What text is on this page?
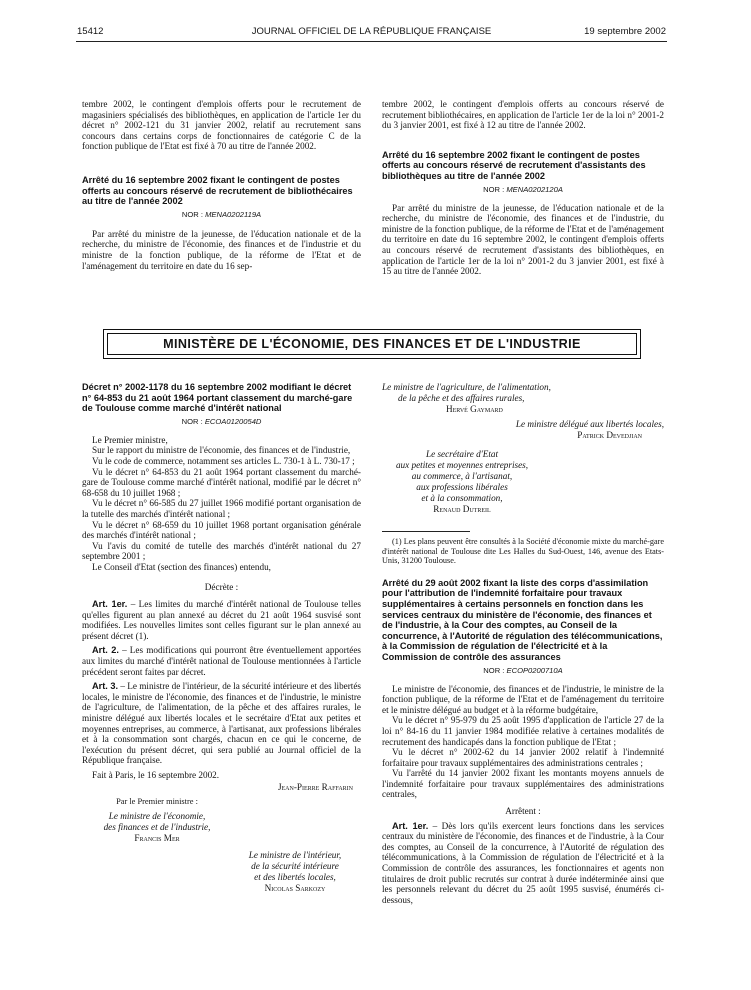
15412	JOURNAL OFFICIEL DE LA RÉPUBLIQUE FRANÇAISE	19 septembre 2002

tembre 2002, le contingent d'emplois offerts pour le recrutement de magasiniers spécialisés des bibliothèques, en application de l'article 1er du décret n° 2002-121 du 31 janvier 2002, relatif au recrutement sans concours dans certains corps de fonctionnaires de catégorie C de la fonction publique de l'Etat est fixé à 70 au titre de l'année 2002.

Arrêté du 16 septembre 2002 fixant le contingent de postes offerts au concours réservé de recrutement de bibliothécaires au titre de l'année 2002

NOR : MENA0202119A

Par arrêté du ministre de la jeunesse, de l'éducation nationale et de la recherche, du ministre de l'économie, des finances et de l'industrie et du ministre de la fonction publique, de la réforme de l'Etat et de l'aménagement du territoire en date du 16 sep-

tembre 2002, le contingent d'emplois offerts au concours réservé de recrutement bibliothécaires, en application de l'article 1er de la loi n° 2001-2 du 3 janvier 2001, est fixé à 12 au titre de l'année 2002.

Arrêté du 16 septembre 2002 fixant le contingent de postes offerts au concours réservé de recrutement d'assistants des bibliothèques au titre de l'année 2002

NOR : MENA0202120A

Par arrêté du ministre de la jeunesse, de l'éducation nationale et de la recherche, du ministre de l'économie, des finances et de l'industrie, du ministre de la fonction publique, de la réforme de l'Etat et de l'aménagement du territoire en date du 16 septembre 2002, le contingent d'emplois offerts au concours réservé de recrutement d'assistants des bibliothèques, en application de l'article 1er de la loi n° 2001-2 du 3 janvier 2001, est fixé à 15 au titre de l'année 2002.

MINISTÈRE DE L'ÉCONOMIE, DES FINANCES ET DE L'INDUSTRIE

Décret n° 2002-1178 du 16 septembre 2002 modifiant le décret n° 64-853 du 21 août 1964 portant classement du marché-gare de Toulouse comme marché d'intérêt national

NOR : ECOA0120054D

Le Premier ministre,

Sur le rapport du ministre de l'économie, des finances et de l'industrie,

Vu le code de commerce, notamment ses articles L. 730-1 à L. 730-17 ;

Vu le décret n° 64-853 du 21 août 1964 portant classement du marché-gare de Toulouse comme marché d'intérêt national, modifié par le décret n° 68-658 du 10 juillet 1968 ;

Vu le décret n° 66-585 du 27 juillet 1966 modifié portant organisation de la tutelle des marchés d'intérêt national ;

Vu le décret n° 68-659 du 10 juillet 1968 portant organisation générale des marchés d'intérêt national ;

Vu l'avis du comité de tutelle des marchés d'intérêt national du 27 septembre 2001 ;

Le Conseil d'Etat (section des finances) entendu,

Décrète :

Art. 1er. – Les limites du marché d'intérêt national de Toulouse telles qu'elles figurent au plan annexé au décret du 21 août 1964 susvisé sont modifiées. Les nouvelles limites sont celles figurant sur le plan annexé au présent décret (1).

Art. 2. – Les modifications qui pourront être éventuellement apportées aux limites du marché d'intérêt national de Toulouse mentionnées à l'article précédent seront faites par décret.

Art. 3. – Le ministre de l'intérieur, de la sécurité intérieure et des libertés locales, le ministre de l'économie, des finances et de l'industrie, le ministre de l'agriculture, de l'alimentation, de la pêche et des affaires rurales, le ministre délégué aux libertés locales et le secrétaire d'Etat aux petites et moyennes entreprises, au commerce, à l'artisanat, aux professions libérales et à la consommation sont chargés, chacun en ce qui le concerne, de l'exécution du présent décret, qui sera publié au Journal officiel de la République française.

Fait à Paris, le 16 septembre 2002.

Jean-Pierre Raffarin

Par le Premier ministre :

Le ministre de l'économie,

des finances et de l'industrie,

Francis Mer

Le ministre de l'intérieur,

de la sécurité intérieure

et des libertés locales,

Nicolas Sarkozy

Le ministre de l'agriculture, de l'alimentation,

de la pêche et des affaires rurales,

Hervé Gaymard

Le ministre délégué aux libertés locales,

Patrick Devedjian

Le secrétaire d'Etat

aux petites et moyennes entreprises,

au commerce, à l'artisanat,

aux professions libérales

et à la consommation,

Renaud Dutreil

(1) Les plans peuvent être consultés à la Société d'économie mixte du marché-gare d'intérêt national de Toulouse dite Les Halles du Sud-Ouest, 146, avenue des Etats-Unis, 31200 Toulouse.

Arrêté du 29 août 2002 fixant la liste des corps d'assimilation pour l'attribution de l'indemnité forfaitaire pour travaux supplémentaires à certains personnels en fonction dans les services centraux du ministère de l'économie, des finances et de l'industrie, à la Cour des comptes, au Conseil de la concurrence, à l'Autorité de régulation des télécommunications, à la Commission de régulation de l'électricité et à la Commission de contrôle des assurances

NOR : ECOP0200710A

Le ministre de l'économie, des finances et de l'industrie, le ministre de la fonction publique, de la réforme de l'Etat et de l'aménagement du territoire et le ministre délégué au budget et à la réforme budgétaire,

Vu le décret n° 95-979 du 25 août 1995 d'application de l'article 27 de la loi n° 84-16 du 11 janvier 1984 modifiée relative à certaines modalités de recrutement des handicapés dans la fonction publique de l'Etat ;

Vu le décret n° 2002-62 du 14 janvier 2002 relatif à l'indemnité forfaitaire pour travaux supplémentaires des administrations centrales ;

Vu l'arrêté du 14 janvier 2002 fixant les montants moyens annuels de l'indemnité forfaitaire pour travaux supplémentaires des administrations centrales,

Arrêtent :

Art. 1er. – Dès lors qu'ils exercent leurs fonctions dans les services centraux du ministère de l'économie, des finances et de l'industrie, à la Cour des comptes, au Conseil de la concurrence, à l'Autorité de régulation des télécommunications, à la Commission de régulation de l'électricité et à la Commission de contrôle des assurances, les fonctionnaires et agents non titulaires de droit public recrutés sur contrat à durée indéterminée ainsi que les personnels relevant du décret du 25 août 1995 susvisé, énumérés ci-dessous,
